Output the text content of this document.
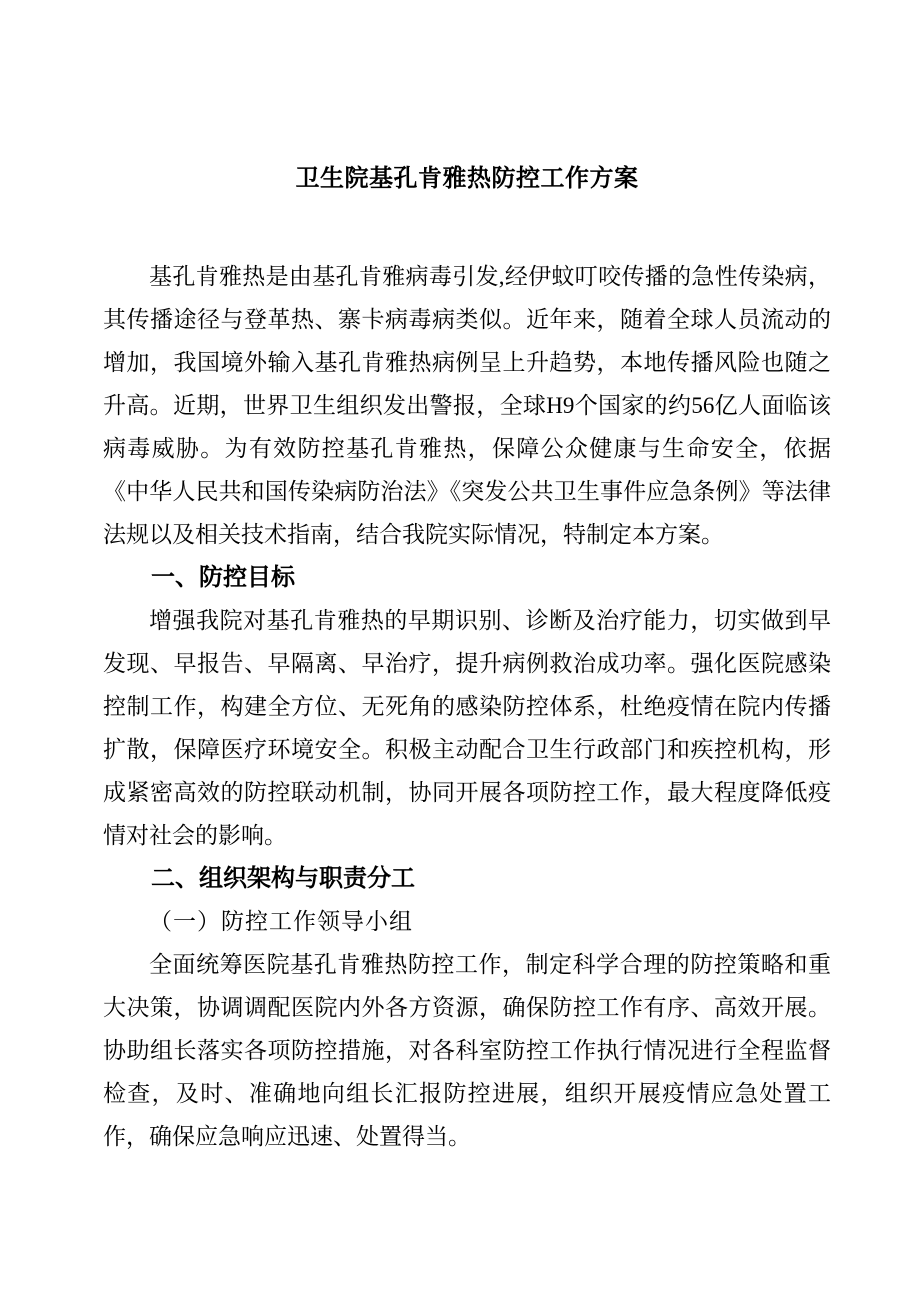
卫生院基孔肯雅热防控工作方案

基孔肯雅热是由基孔肯雅病毒引发,经伊蚊叮咬传播的急性传染病，其传播途径与登革热、寨卡病毒病类似。近年来，随着全球人员流动的增加，我国境外输入基孔肯雅热病例呈上升趋势，本地传播风险也随之升高。近期，世界卫生组织发出警报，全球H9个国家的约56亿人面临该病毒威胁。为有效防控基孔肯雅热，保障公众健康与生命安全，依据《中华人民共和国传染病防治法》《突发公共卫生事件应急条例》等法律法规以及相关技术指南，结合我院实际情况，特制定本方案。

一、防控目标

增强我院对基孔肯雅热的早期识别、诊断及治疗能力，切实做到早发现、早报告、早隔离、早治疗，提升病例救治成功率。强化医院感染控制工作，构建全方位、无死角的感染防控体系，杜绝疫情在院内传播扩散，保障医疗环境安全。积极主动配合卫生行政部门和疾控机构，形成紧密高效的防控联动机制，协同开展各项防控工作，最大程度降低疫情对社会的影响。

二、组织架构与职责分工
（一）防控工作领导小组

全面统筹医院基孔肯雅热防控工作，制定科学合理的防控策略和重大决策，协调调配医院内外各方资源，确保防控工作有序、高效开展。协助组长落实各项防控措施，对各科室防控工作执行情况进行全程监督检查，及时、准确地向组长汇报防控进展，组织开展疫情应急处置工作，确保应急响应迅速、处置得当。
